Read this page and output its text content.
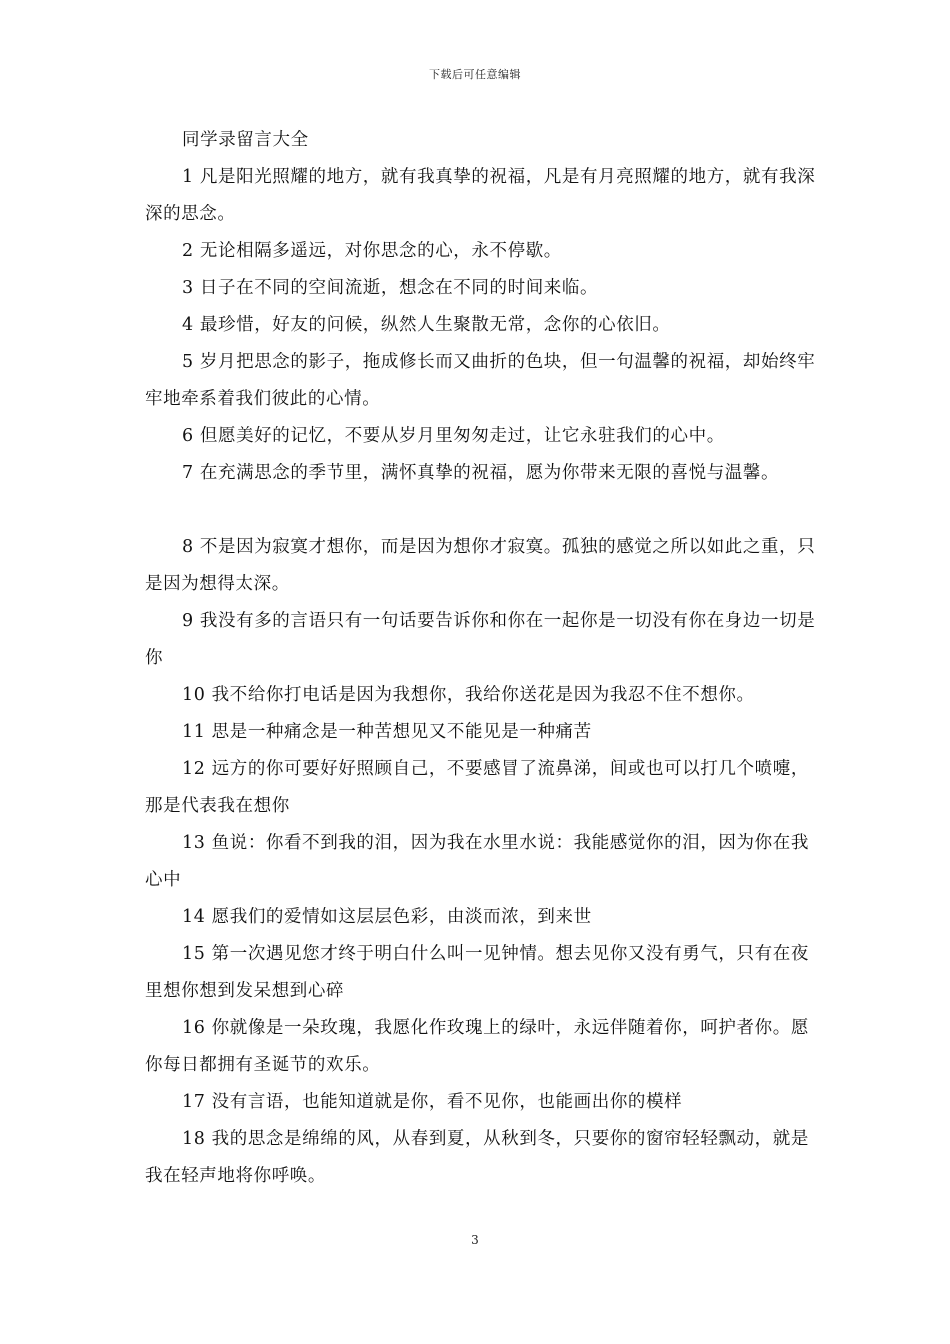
下载后可任意编辑

同学录留言大全

1 凡是阳光照耀的地方，就有我真挚的祝福，凡是有月亮照耀的地方，就有我深深的思念。

2 无论相隔多遥远，对你思念的心，永不停歇。

3 日子在不同的空间流逝，想念在不同的时间来临。

4 最珍惜，好友的问候，纵然人生聚散无常，念你的心依旧。

5 岁月把思念的影子，拖成修长而又曲折的色块，但一句温馨的祝福，却始终牢牢地牵系着我们彼此的心情。

6 但愿美好的记忆，不要从岁月里匆匆走过，让它永驻我们的心中。

7 在充满思念的季节里，满怀真挚的祝福，愿为你带来无限的喜悦与温馨。

8 不是因为寂寞才想你，而是因为想你才寂寞。孤独的感觉之所以如此之重，只是因为想得太深。

9 我没有多的言语只有一句话要告诉你和你在一起你是一切没有你在身边一切是你

10 我不给你打电话是因为我想你，我给你送花是因为我忍不住不想你。

11 思是一种痛念是一种苦想见又不能见是一种痛苦

12 远方的你可要好好照顾自己，不要感冒了流鼻涕，间或也可以打几个喷嚏，那是代表我在想你

13 鱼说：你看不到我的泪，因为我在水里水说：我能感觉你的泪，因为你在我心中

14 愿我们的爱情如这层层色彩，由淡而浓，到来世

15 第一次遇见您才终于明白什么叫一见钟情。想去见你又没有勇气，只有在夜里想你想到发呆想到心碎

16 你就像是一朵玫瑰，我愿化作玫瑰上的绿叶，永远伴随着你，呵护者你。愿你每日都拥有圣诞节的欢乐。

17 没有言语，也能知道就是你，看不见你，也能画出你的模样

18 我的思念是绵绵的风，从春到夏，从秋到冬，只要你的窗帘轻轻飘动，就是我在轻声地将你呼唤。

3
